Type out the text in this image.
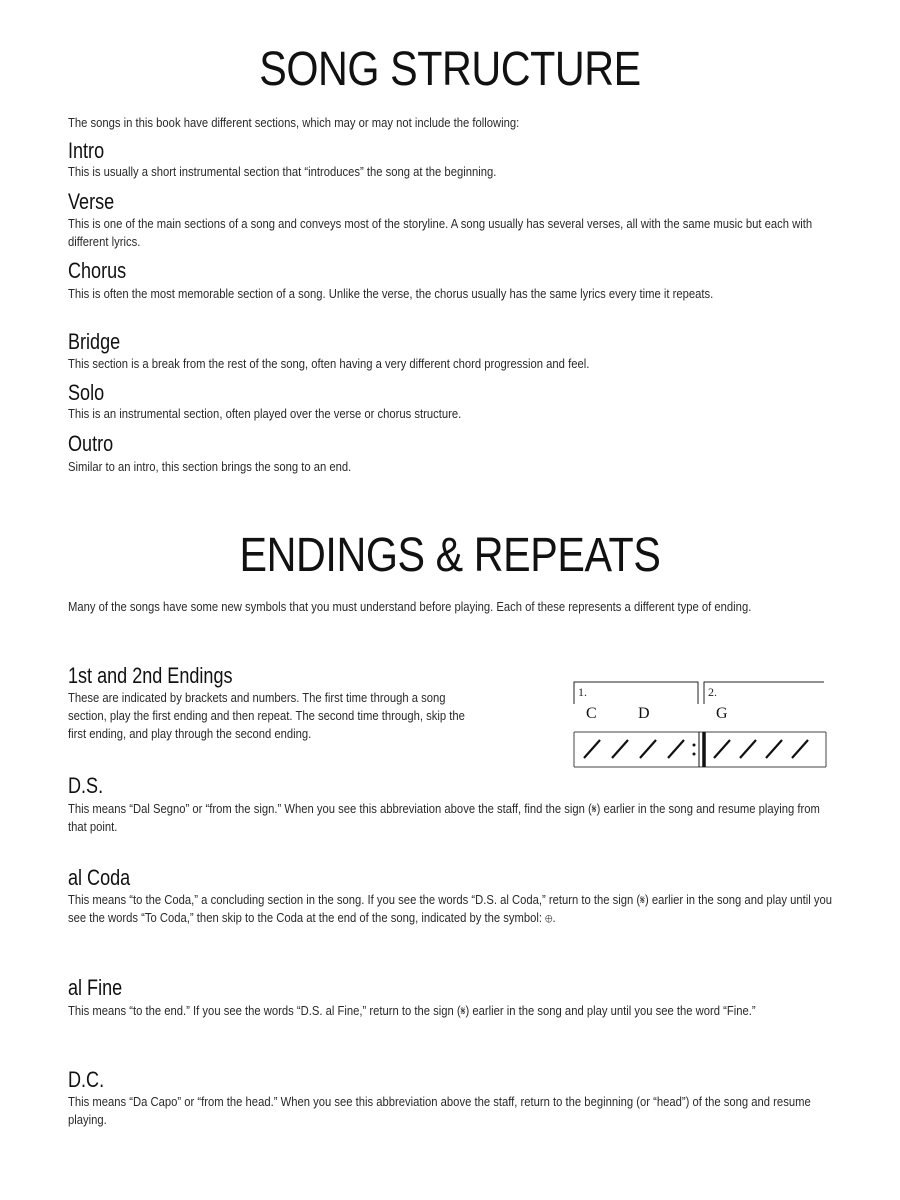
SONG STRUCTURE
The songs in this book have different sections, which may or may not include the following:
Intro
This is usually a short instrumental section that “introduces” the song at the beginning.
Verse
This is one of the main sections of a song and conveys most of the storyline. A song usually has several verses, all with the same music but each with different lyrics.
Chorus
This is often the most memorable section of a song. Unlike the verse, the chorus usually has the same lyrics every time it repeats.
Bridge
This section is a break from the rest of the song, often having a very different chord progression and feel.
Solo
This is an instrumental section, often played over the verse or chorus structure.
Outro
Similar to an intro, this section brings the song to an end.
ENDINGS & REPEATS
Many of the songs have some new symbols that you must understand before playing. Each of these represents a different type of ending.
1st and 2nd Endings
These are indicated by brackets and numbers. The first time through a song section, play the first ending and then repeat. The second time through, skip the first ending, and play through the second ending.
1.	2.
C	D	G
D.S.
This means “Dal Segno” or “from the sign.” When you see this abbreviation above the staff, find the sign (𝄋) earlier in the song and resume playing from that point.
al Coda
This means “to the Coda,” a concluding section in the song. If you see the words “D.S. al Coda,” return to the sign (𝄋) earlier in the song and play until you see the words “To Coda,” then skip to the Coda at the end of the song, indicated by the symbol: ⊕.
al Fine
This means “to the end.” If you see the words “D.S. al Fine,” return to the sign (𝄋) earlier in the song and play until you see the word “Fine.”
D.C.
This means “Da Capo” or “from the head.” When you see this abbreviation above the staff, return to the beginning (or “head”) of the song and resume playing.
